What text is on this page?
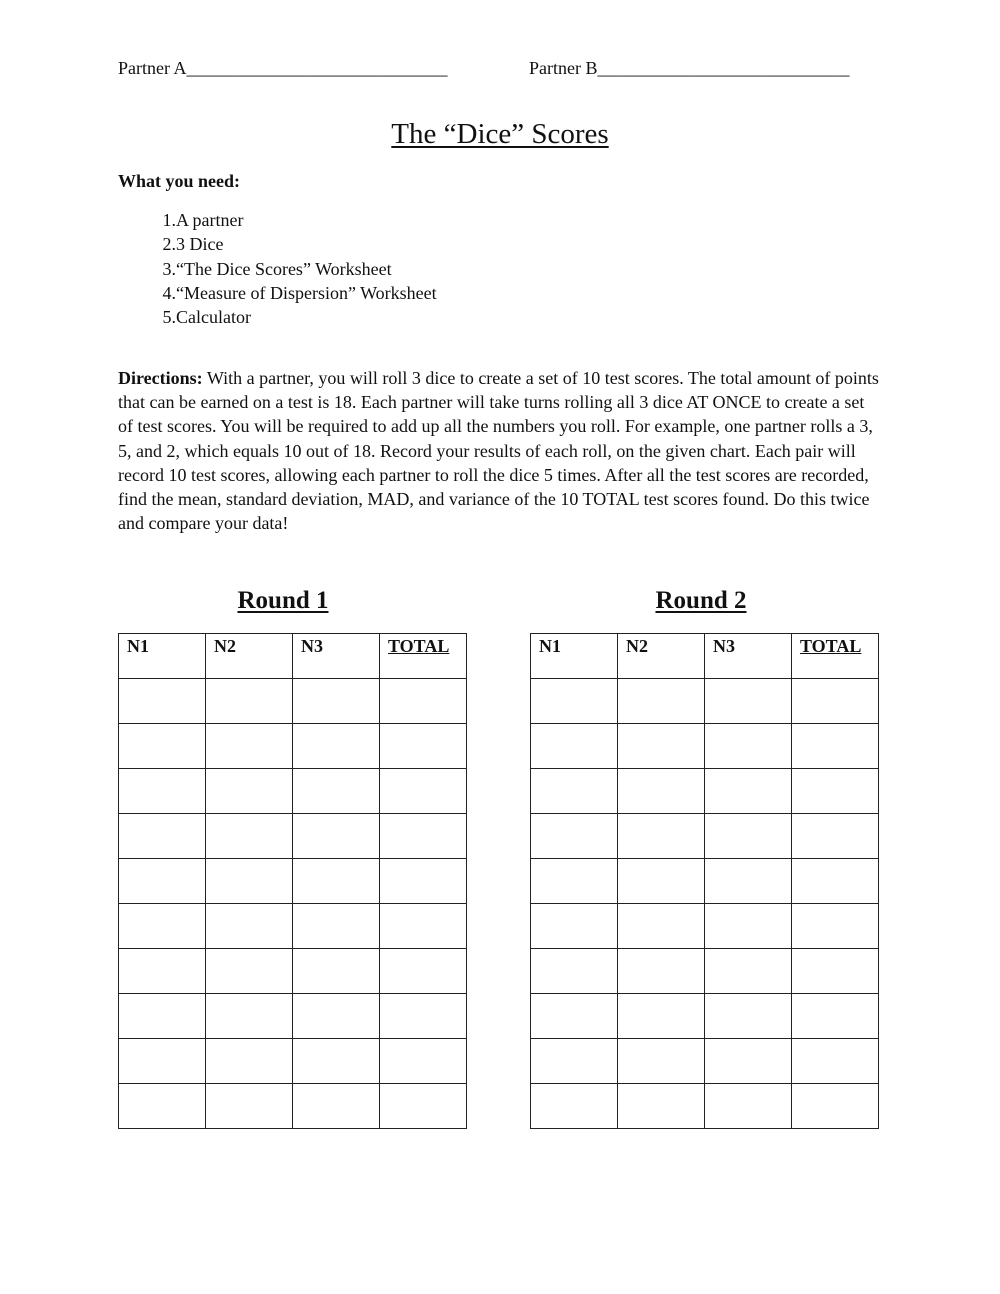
Partner A_____________________________	Partner B____________________________
The “Dice” Scores
What you need:
1 . A partner
2 . 3 Dice
3 . “The Dice Scores” Worksheet
4 . “Measure of Dispersion” Worksheet
5 . Calculator
Directions: With a partner, you will roll 3 dice to create a set of 10 test scores. The total amount of points that can be earned on a test is 18. Each partner will take turns rolling all 3 dice AT ONCE to create a set of test scores. You will be required to add up all the numbers you roll. For example, one partner rolls a 3, 5, and 2, which equals 10 out of 18. Record your results of each roll, on the given chart. Each pair will record 10 test scores, allowing each partner to roll the dice 5 times. After all the test scores are recorded, find the mean, standard deviation, MAD, and variance of the 10 TOTAL test scores found. Do this twice and compare your data!
Round 1	Round 2
N1	N2	N3	TOTAL

				N1	N2	N3	TOTAL
